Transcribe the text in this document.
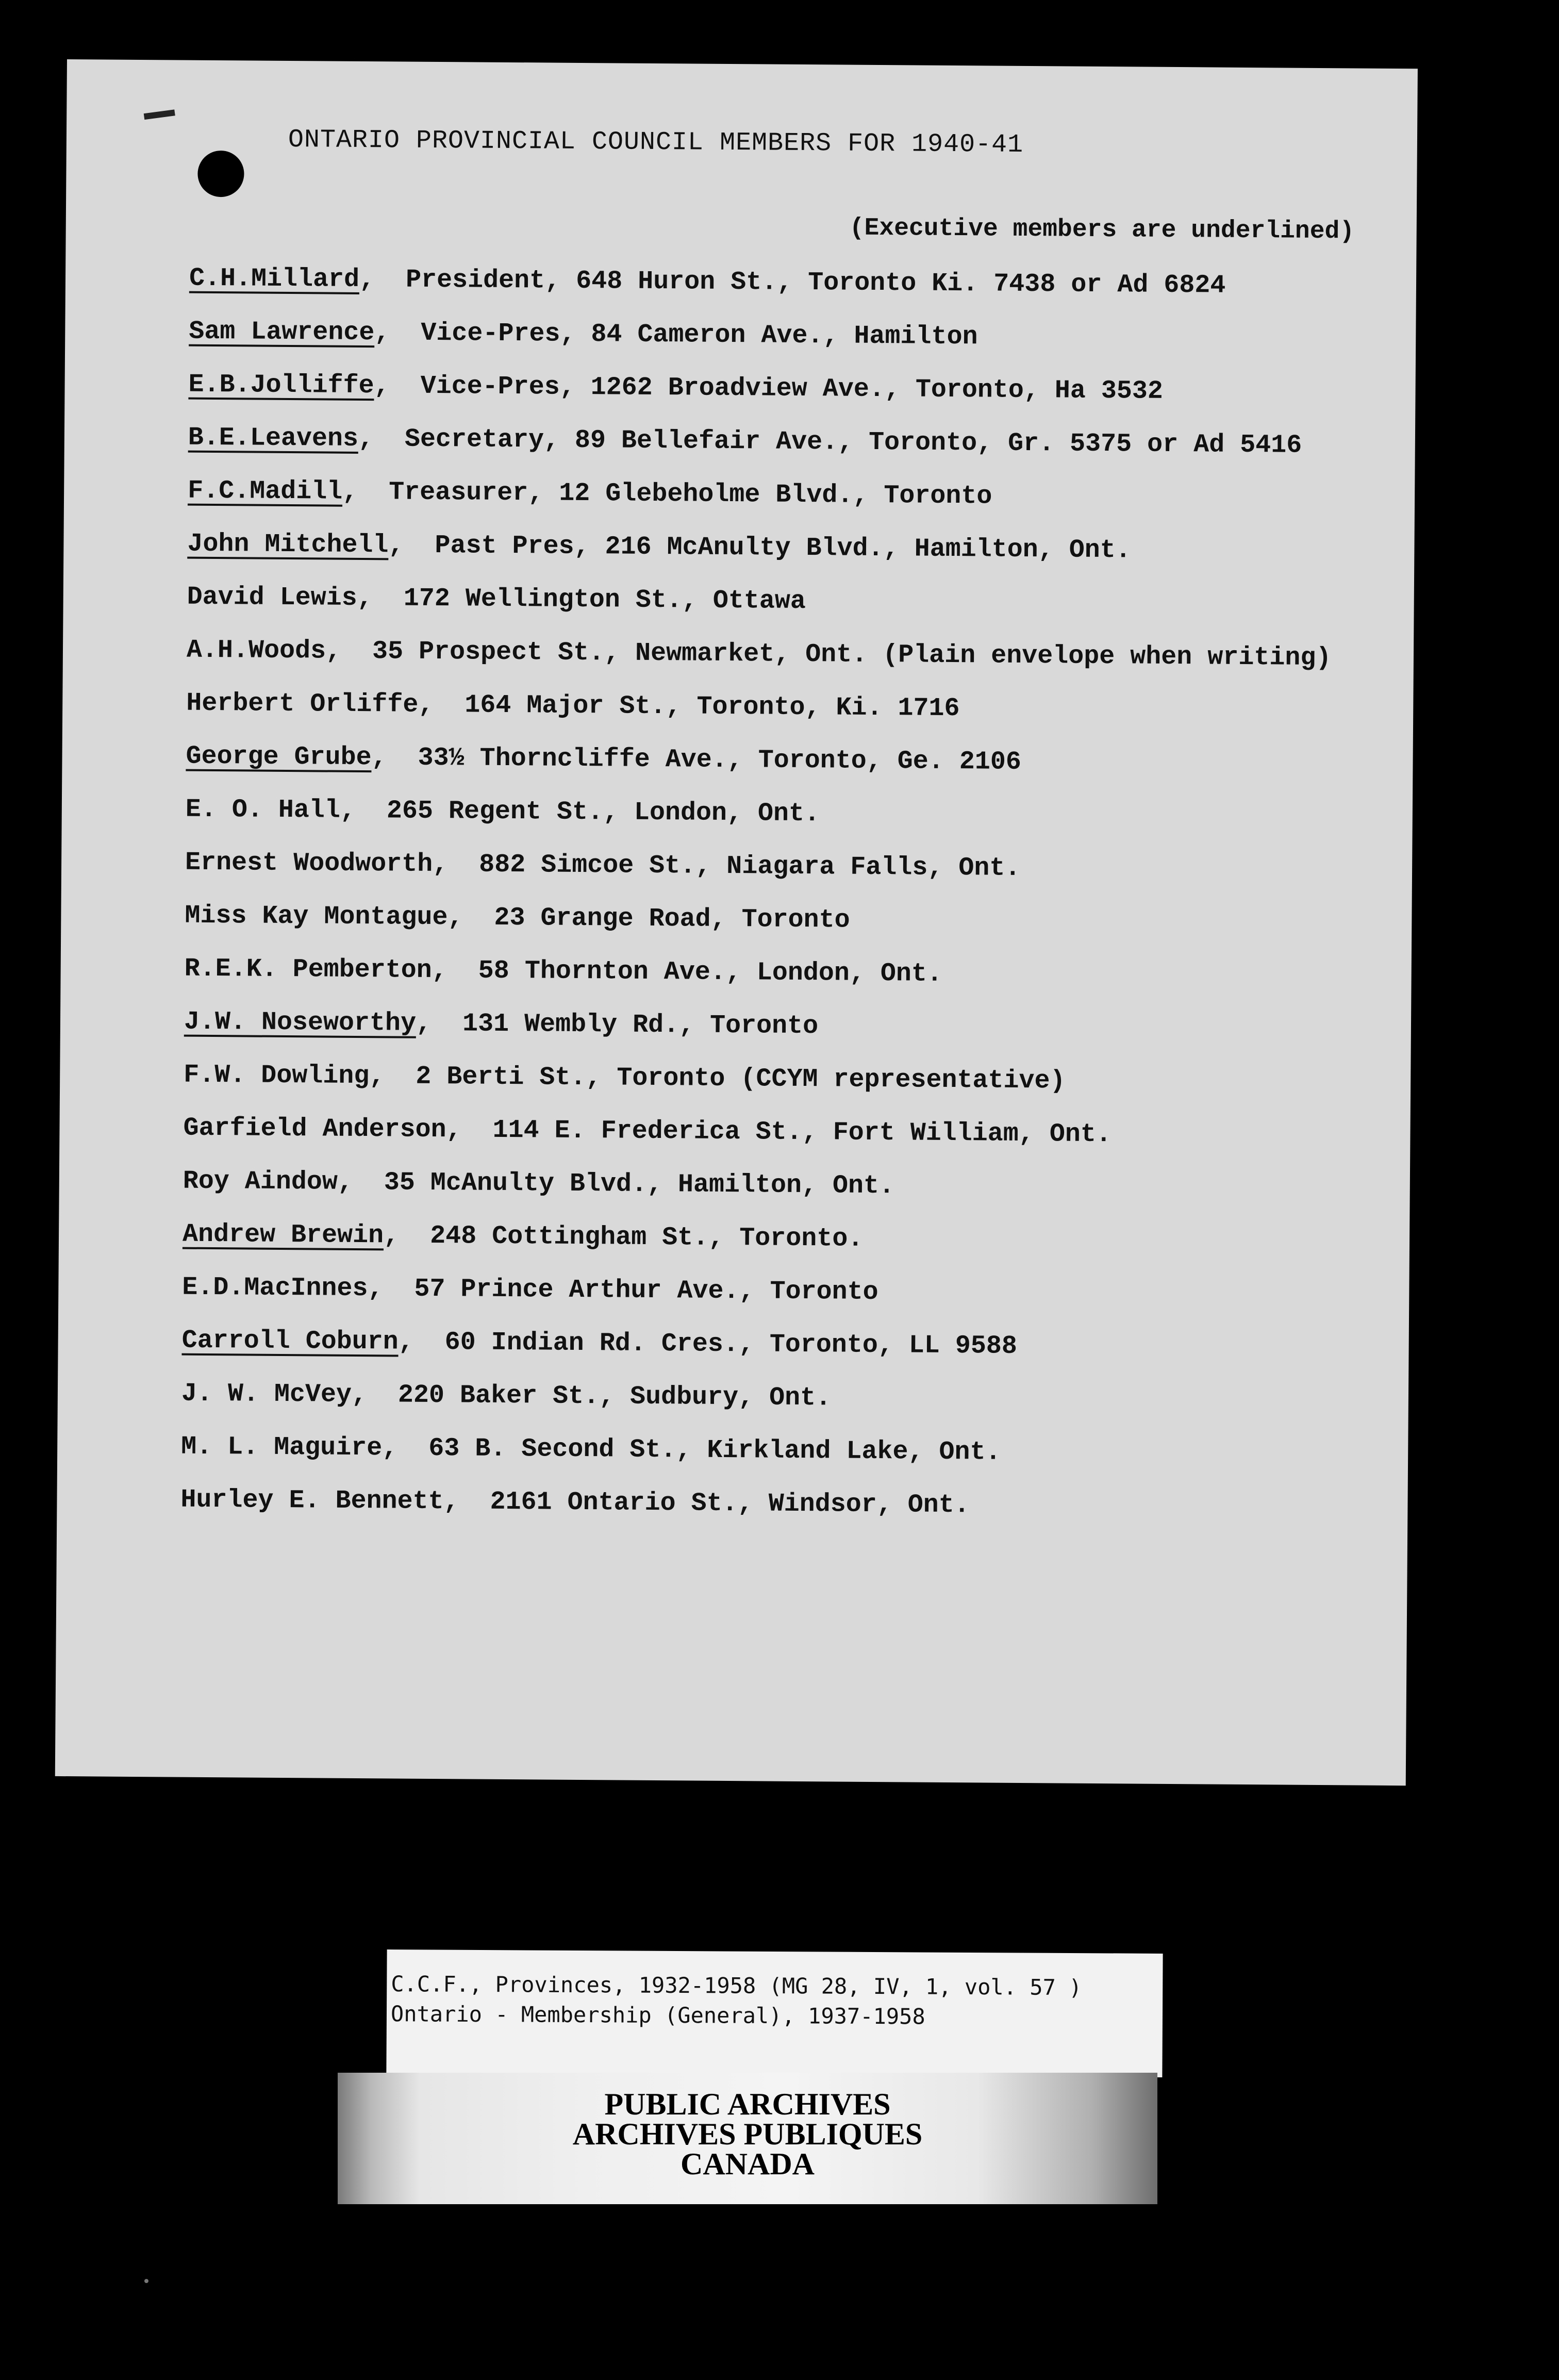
ONTARIO PROVINCIAL COUNCIL MEMBERS FOR 1940-41
(Executive members are underlined)
C.H.Millard , President, 648 Huron St., Toronto Ki. 7438 or Ad 6824
Sam Lawrence , Vice-Pres, 84 Cameron Ave., Hamilton
E.B.Jolliffe , Vice-Pres, 1262 Broadview Ave., Toronto, Ha 3532
B.E.Leavens , Secretary, 89 Bellefair Ave., Toronto, Gr. 5375 or Ad 5416
F.C.Madill , Treasurer, 12 Glebeholme Blvd., Toronto
John Mitchell , Past Pres, 216 McAnulty Blvd., Hamilton, Ont.
David Lewis , 172 Wellington St., Ottawa
A.H.Woods , 35 Prospect St., Newmarket, Ont. (Plain envelope when writing)
Herbert Orliffe , 164 Major St., Toronto, Ki. 1716
George Grube , 33½ Thorncliffe Ave., Toronto, Ge. 2106
E. O. Hall , 265 Regent St., London, Ont.
Ernest Woodworth , 882 Simcoe St., Niagara Falls, Ont.
Miss Kay Montague , 23 Grange Road, Toronto
R.E.K. Pemberton , 58 Thornton Ave., London, Ont.
J.W. Noseworthy , 131 Wembly Rd., Toronto
F.W. Dowling , 2 Berti St., Toronto (CCYM representative)
Garfield Anderson , 114 E. Frederica St., Fort William, Ont.
Roy Aindow , 35 McAnulty Blvd., Hamilton, Ont.
Andrew Brewin , 248 Cottingham St., Toronto.
E.D.MacInnes , 57 Prince Arthur Ave., Toronto
Carroll Coburn , 60 Indian Rd. Cres., Toronto, LL 9588
J. W. McVey , 220 Baker St., Sudbury, Ont.
M. L. Maguire , 63 B. Second St., Kirkland Lake, Ont.
Hurley E. Bennett , 2161 Ontario St., Windsor, Ont.
C.C.F., Provinces, 1932-1958 (MG 28, IV, 1, vol. 57 )
Ontario - Membership (General), 1937-1958
PUBLIC ARCHIVES
ARCHIVES PUBLIQUES
CANADA
